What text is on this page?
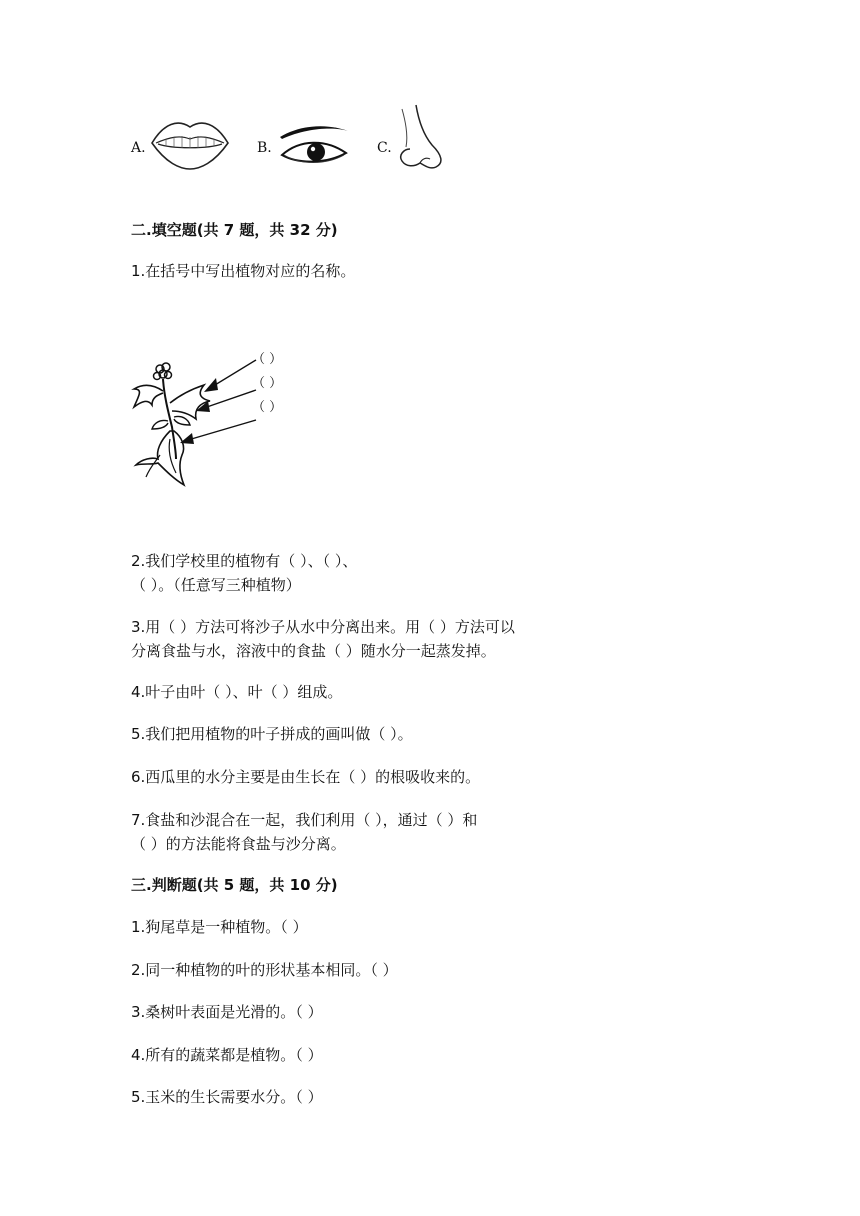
A.	B.	C.
二.填空题(共 7 题，共 32 分)
1.在括号中写出植物对应的名称。
（ ）
（ ）
（ ）
2.我们学校里的植物有（ ）、（ ）、
（ ）。（任意写三种植物）
3.用（ ）方法可将沙子从水中分离出来。用（ ）方法可以
分离食盐与水，溶液中的食盐（ ）随水分一起蒸发掉。
4.叶子由叶（ ）、叶（ ）组成。
5.我们把用植物的叶子拼成的画叫做（ ）。
6.西瓜里的水分主要是由生长在（ ）的根吸收来的。
7.食盐和沙混合在一起，我们利用（ ），通过（ ）和
（ ）的方法能将食盐与沙分离。
三.判断题(共 5 题，共 10 分)
1.狗尾草是一种植物。（ ）
2.同一种植物的叶的形状基本相同。（ ）
3.桑树叶表面是光滑的。（ ）
4.所有的蔬菜都是植物。（ ）
5.玉米的生长需要水分。（ ）
